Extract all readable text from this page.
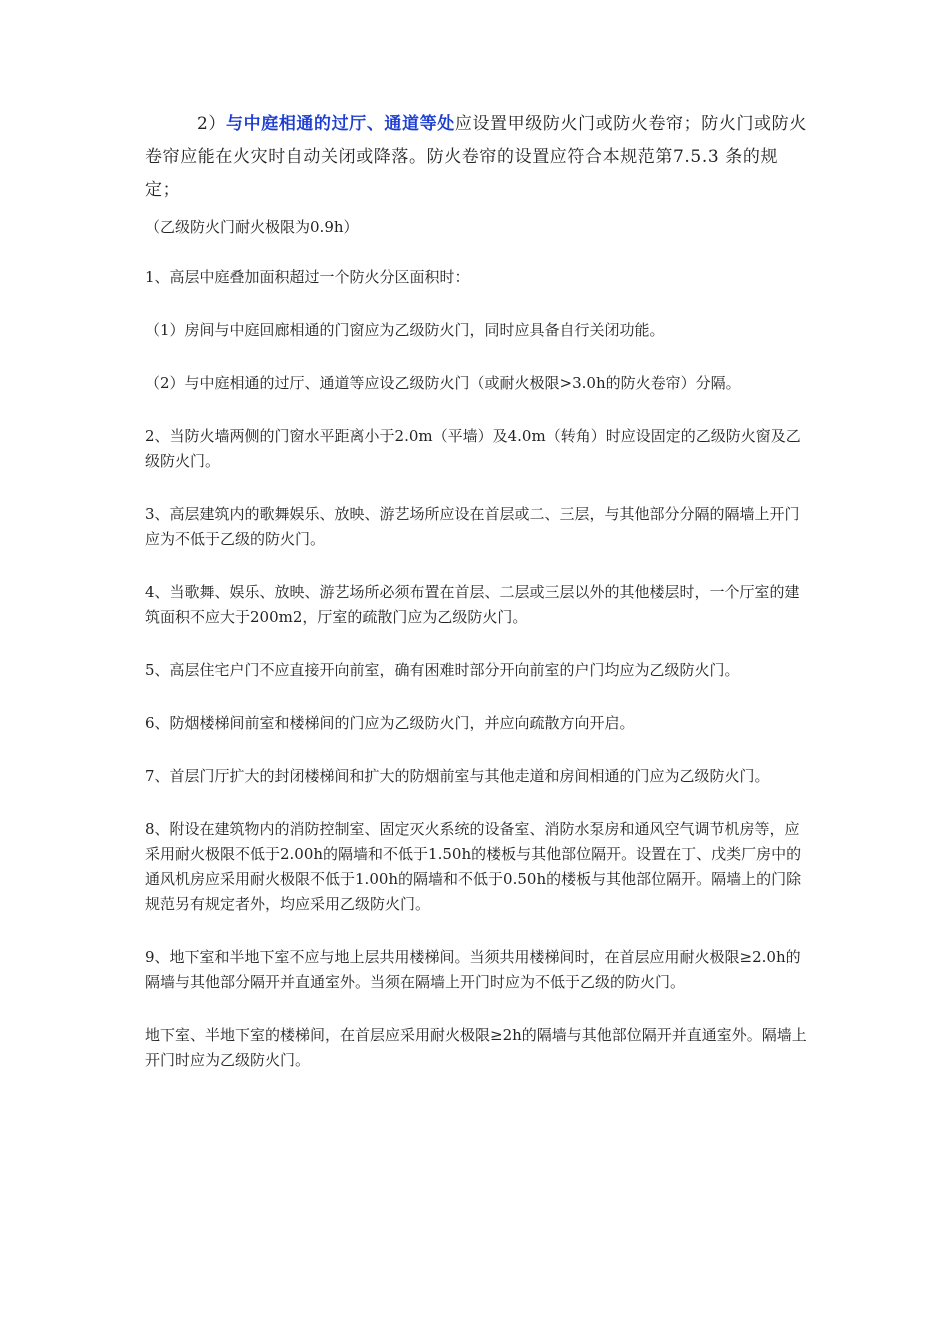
2）与中庭相通的过厅、通道等处应设置甲级防火门或防火卷帘；防火门或防火卷帘应能在火灾时自动关闭或降落。防火卷帘的设置应符合本规范第7.5.3 条的规定；

（乙级防火门耐火极限为0.9h）

1、高层中庭叠加面积超过一个防火分区面积时：

（1）房间与中庭回廊相通的门窗应为乙级防火门，同时应具备自行关闭功能。

（2）与中庭相通的过厅、通道等应设乙级防火门（或耐火极限>3.0h的防火卷帘）分隔。

2、当防火墙两侧的门窗水平距离小于2.0m（平墙）及4.0m（转角）时应设固定的乙级防火窗及乙级防火门。

3、高层建筑内的歌舞娱乐、放映、游艺场所应设在首层或二、三层，与其他部分分隔的隔墙上开门应为不低于乙级的防火门。

4、当歌舞、娱乐、放映、游艺场所必须布置在首层、二层或三层以外的其他楼层时，一个厅室的建筑面积不应大于200m2，厅室的疏散门应为乙级防火门。

5、高层住宅户门不应直接开向前室，确有困难时部分开向前室的户门均应为乙级防火门。

6、防烟楼梯间前室和楼梯间的门应为乙级防火门，并应向疏散方向开启。

7、首层门厅扩大的封闭楼梯间和扩大的防烟前室与其他走道和房间相通的门应为乙级防火门。

8、附设在建筑物内的消防控制室、固定灭火系统的设备室、消防水泵房和通风空气调节机房等，应采用耐火极限不低于2.00h的隔墙和不低于1.50h的楼板与其他部位隔开。设置在丁、戊类厂房中的通风机房应采用耐火极限不低于1.00h的隔墙和不低于0.50h的楼板与其他部位隔开。隔墙上的门除规范另有规定者外，均应采用乙级防火门。

9、地下室和半地下室不应与地上层共用楼梯间。当须共用楼梯间时，在首层应用耐火极限≥2.0h的隔墙与其他部分隔开并直通室外。当须在隔墙上开门时应为不低于乙级的防火门。

地下室、半地下室的楼梯间，在首层应采用耐火极限≥2h的隔墙与其他部位隔开并直通室外。隔墙上开门时应为乙级防火门。
